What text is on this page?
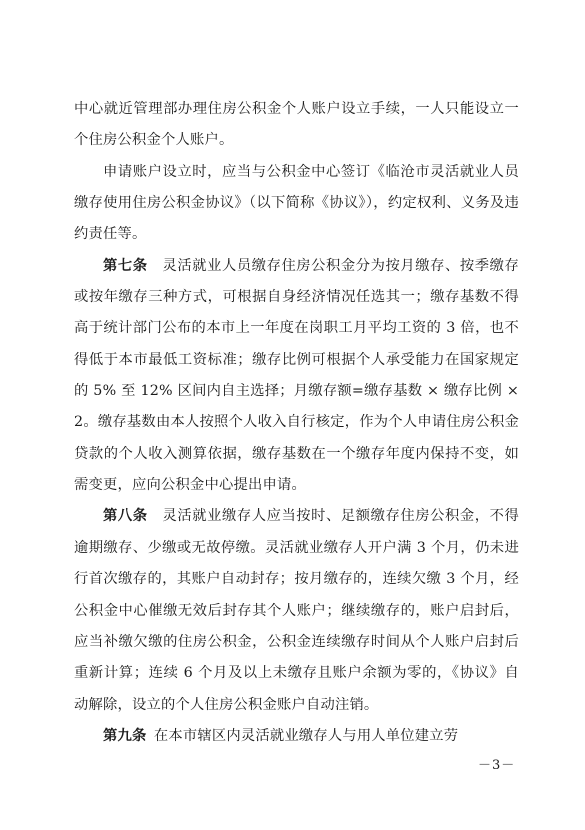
中心就近管理部办理住房公积金个人账户设立手续，一人只能设立一个住房公积金个人账户。

申请账户设立时，应当与公积金中心签订《临沧市灵活就业人员缴存使用住房公积金协议》（以下简称《协议》），约定权利、义务及违约责任等。

第七条  灵活就业人员缴存住房公积金分为按月缴存、按季缴存或按年缴存三种方式，可根据自身经济情况任选其一；缴存基数不得高于统计部门公布的本市上一年度在岗职工月平均工资的 3 倍，也不得低于本市最低工资标准；缴存比例可根据个人承受能力在国家规定的 5% 至 12% 区间内自主选择；月缴存额=缴存基数 × 缴存比例 × 2。缴存基数由本人按照个人收入自行核定，作为个人申请住房公积金贷款的个人收入测算依据，缴存基数在一个缴存年度内保持不变，如需变更，应向公积金中心提出申请。

第八条  灵活就业缴存人应当按时、足额缴存住房公积金，不得逾期缴存、少缴或无故停缴。灵活就业缴存人开户满 3 个月，仍未进行首次缴存的，其账户自动封存；按月缴存的，连续欠缴 3 个月，经公积金中心催缴无效后封存其个人账户；继续缴存的，账户启封后，应当补缴欠缴的住房公积金，公积金连续缴存时间从个人账户启封后重新计算；连续 6 个月及以上未缴存且账户余额为零的，《协议》自动解除，设立的个人住房公积金账户自动注销。

第九条  在本市辖区内灵活就业缴存人与用人单位建立劳

－3－
